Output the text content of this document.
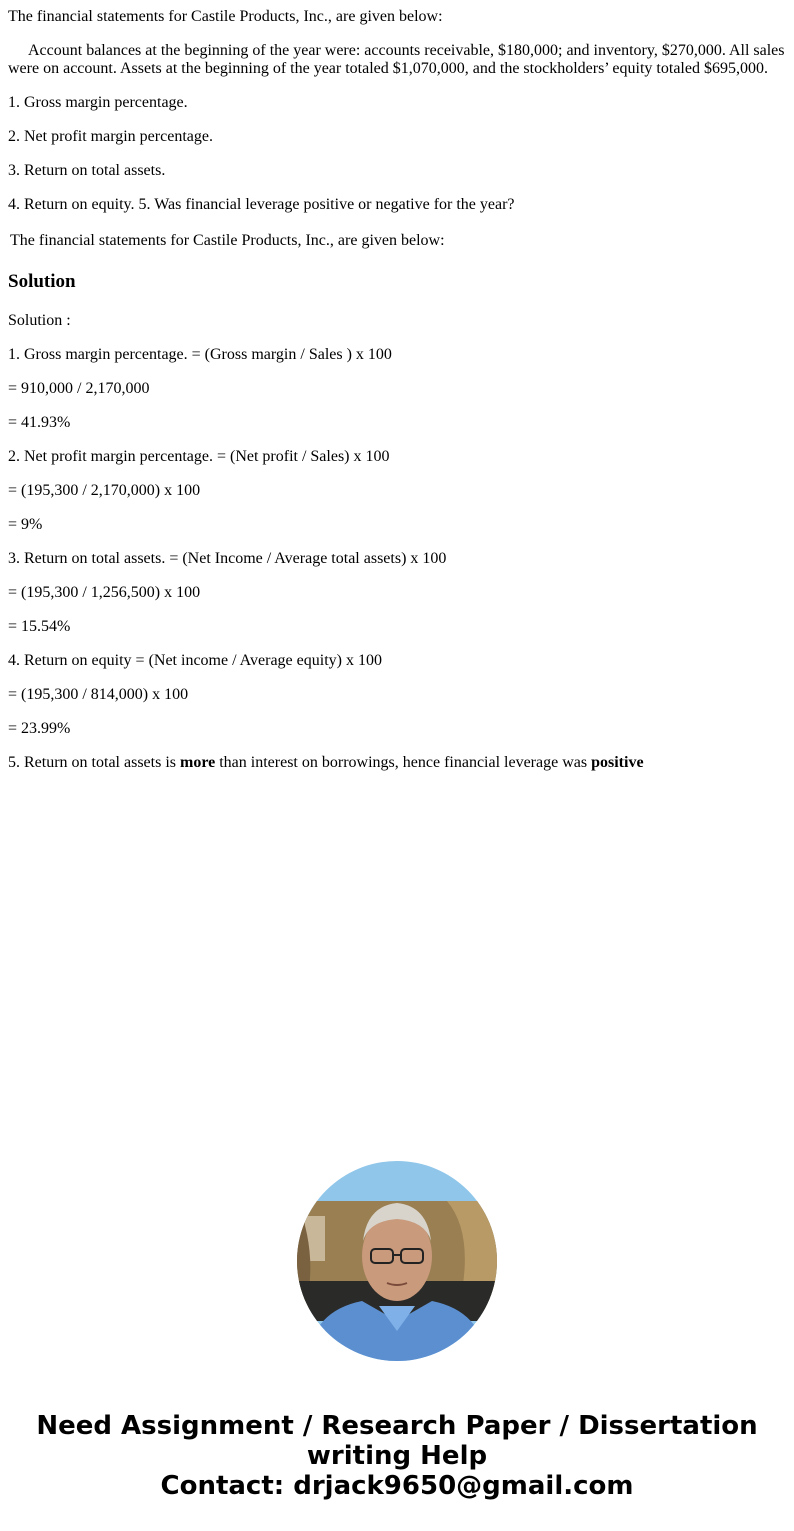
The financial statements for Castile Products, Inc., are given below:

Account balances at the beginning of the year were: accounts receivable, $180,000; and inventory, $270,000. All sales were on account. Assets at the beginning of the year totaled $1,070,000, and the stockholders’ equity totaled $695,000.

1. Gross margin percentage.

2. Net profit margin percentage.

3. Return on total assets.

4. Return on equity. 5. Was financial leverage positive or negative for the year?

The financial statements for Castile Products, Inc., are given below:

Solution

Solution :

1. Gross margin percentage. = (Gross margin / Sales ) x 100

= 910,000 / 2,170,000

= 41.93%

2. Net profit margin percentage. = (Net profit / Sales) x 100

= (195,300 / 2,170,000) x 100

= 9%

3. Return on total assets. = (Net Income / Average total assets) x 100

= (195,300 / 1,256,500) x 100

= 15.54%

4. Return on equity = (Net income / Average equity) x 100

= (195,300 / 814,000) x 100

= 23.99%

5. Return on total assets is more than interest on borrowings, hence financial leverage was positive

Need Assignment / Research Paper / Dissertation
writing Help
Contact: drjack9650@gmail.com
